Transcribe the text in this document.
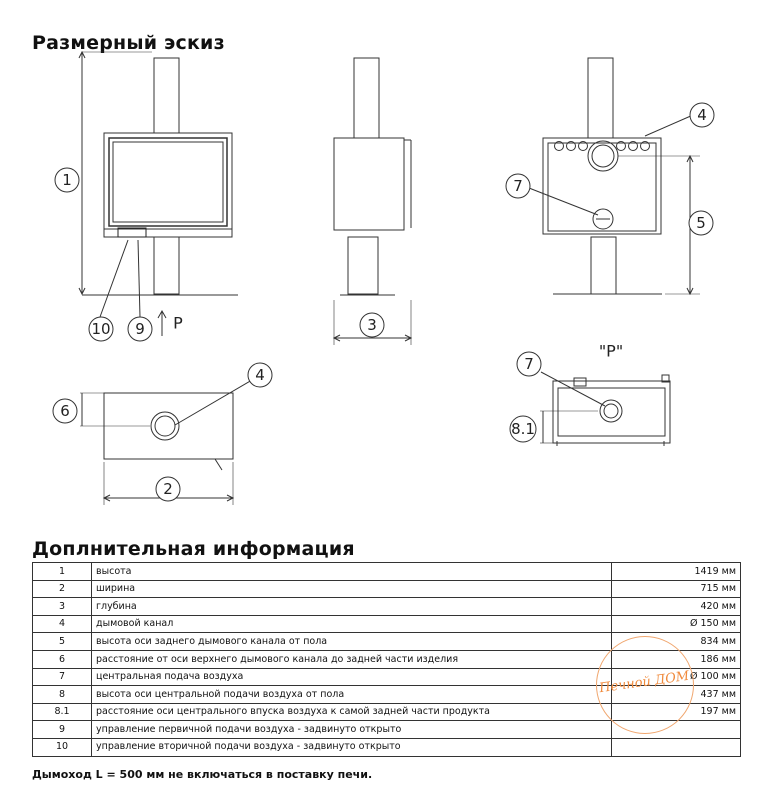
Размерный эскиз
1
10 9	3
4
7
5
6
4
2
7
8.1
P
"P"
Доплнительная информация
1	высота	1419 мм
2	ширина	715 мм
3	глубина	420 мм
4	дымовой канал	Ø 150 мм
5	высота оси заднего дымового канала от пола	834 мм
6	расстояние от оси верхнего дымового канала до задней части изделия	186 мм
7	центральная подача воздуха	Ø 100 мм
8	высота оси центральной подачи воздуха от пола	437 мм
8.1	расстояние оси центрального впуска воздуха к самой задней части продукта	197 мм
9	управление первичной подачи воздуха - задвинуто открыто	
10	управление вторичной подачи воздуха - задвинуто открыто	

Дымоход L = 500 мм не включаться в поставку печи.

Печной ДОМ
